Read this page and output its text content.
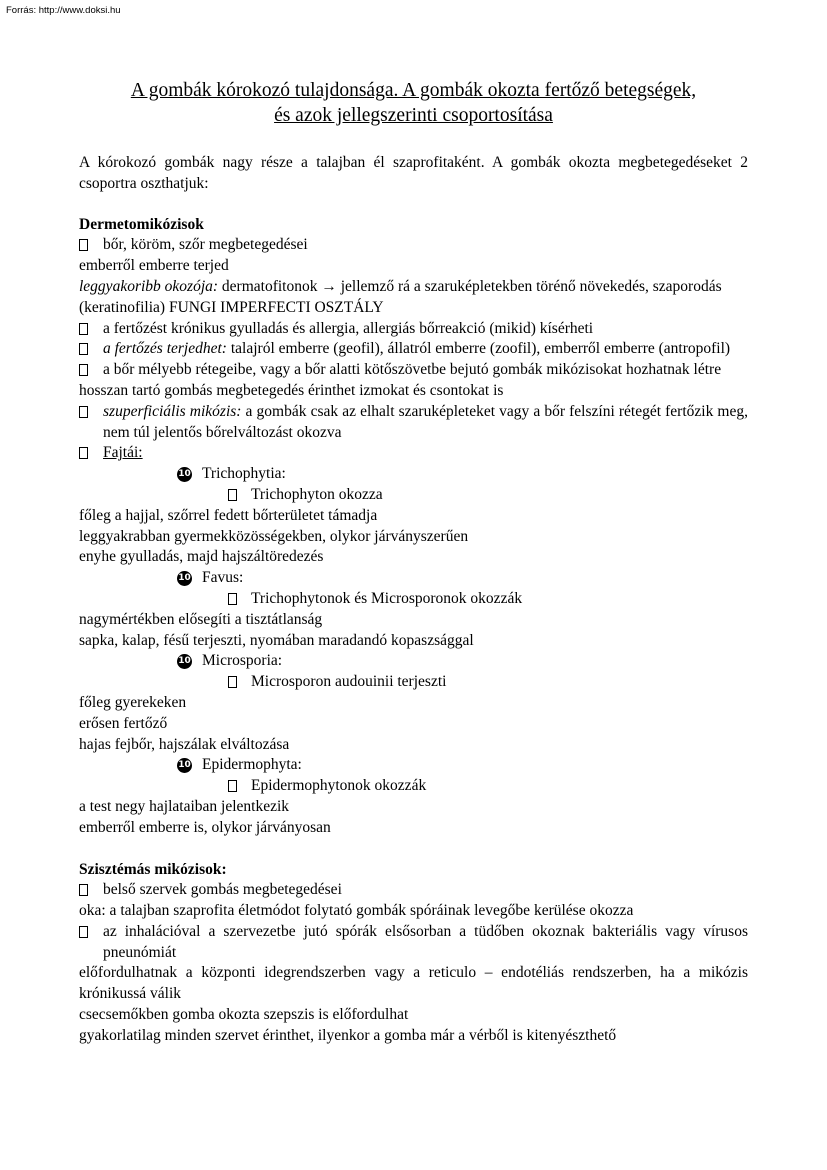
Forrás: http://www.doksi.hu
A gombák kórokozó tulajdonsága. A gombák okozta fertőző betegségek,
és azok jellegszerinti csoportosítása
A kórokozó gombák nagy része a talajban él szaprofitaként. A gombák okozta megbetegedéseket 2 csoportra oszthatjuk:
Dermetomikózisok
bőr, köröm, szőr megbetegedései
emberről emberre terjed
leggyakoribb okozója: dermatofitonok → jellemző rá a szaruképletekben törénő növekedés, szaporodás (keratinofilia) FUNGI IMPERFECTI OSZTÁLY
a fertőzést krónikus gyulladás és allergia, allergiás bőrreakció (mikid) kísérheti
a fertőzés terjedhet: talajról emberre (geofil), állatról emberre (zoofil), emberről emberre (antropofil)
a bőr mélyebb rétegeibe, vagy a bőr alatti kötőszövetbe bejutó gombák mikózisokat hozhatnak létre
hosszan tartó gombás megbetegedés érinthet izmokat és csontokat is
szuperficiális mikózis: a gombák csak az elhalt szaruképleteket vagy a bőr felszíni rétegét fertőzik meg, nem túl jelentős bőrelváltozást okozva
Fajtái:
10 Trichophytia:
Trichophyton okozza
főleg a hajjal, szőrrel fedett bőrterületet támadja
leggyakrabban gyermekközösségekben, olykor járványszerűen
enyhe gyulladás, majd hajszáltöredezés
10 Favus:
Trichophytonok és Microsporonok okozzák
nagymértékben elősegíti a tisztátlanság
sapka, kalap, fésű terjeszti, nyomában maradandó kopaszsággal
10 Microsporia:
Microsporon audouinii terjeszti
főleg gyerekeken
erősen fertőző
hajas fejbőr, hajszálak elváltozása
10 Epidermophyta:
Epidermophytonok okozzák
a test negy hajlataiban jelentkezik
emberről emberre is, olykor járványosan
Szisztémás mikózisok:
belső szervek gombás megbetegedései
oka: a talajban szaprofita életmódot folytató gombák spóráinak levegőbe kerülése okozza
az inhalációval a szervezetbe jutó spórák elsősorban a tüdőben okoznak bakteriális vagy vírusos pneunómiát
előfordulhatnak a központi idegrendszerben vagy a reticulo – endotéliás rendszerben, ha a mikózis krónikussá válik
csecsemőkben gomba okozta szepszis is előfordulhat
gyakorlatilag minden szervet érinthet, ilyenkor a gomba már a vérből is kitenyészthető
